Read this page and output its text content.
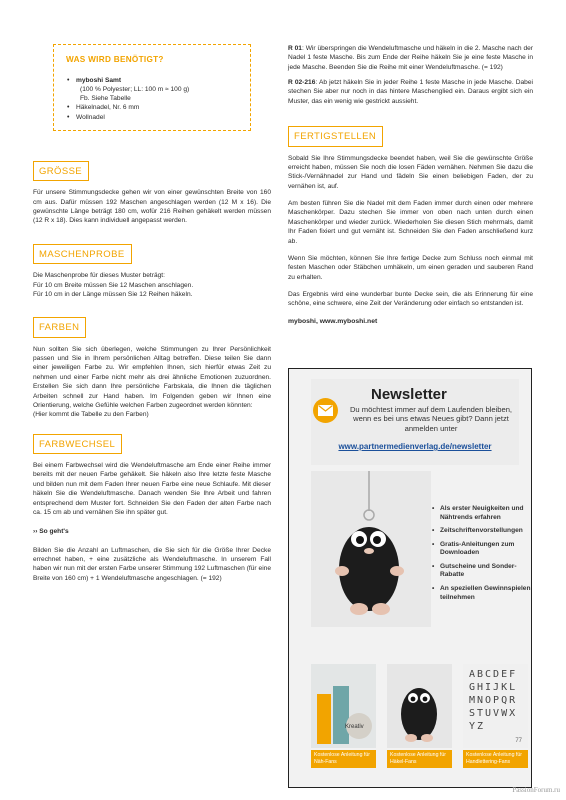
WAS WIRD BENÖTIGT?
• myboshi Samt
(100 % Polyester; LL: 100 m ≈ 100 g)
Fb. Siehe Tabelle
• Häkelnadel, Nr. 6 mm
• Wollnadel
GRÖSSE

Für unsere Stimmungsdecke gehen wir von einer gewünschten Breite von 160 cm aus. Dafür müssen 192 Maschen angeschlagen werden (12 M x 16). Die gewünschte Länge beträgt 180 cm, wofür 216 Reihen gehäkelt werden müssen (12 R x 18). Dies kann individuell angepasst werden.

MASCHENPROBE

Die Maschenprobe für dieses Muster beträgt:
Für 10 cm Breite müssen Sie 12 Maschen anschlagen.
Für 10 cm in der Länge müssen Sie 12 Reihen häkeln.

FARBEN

Nun sollten Sie sich überlegen, welche Stimmungen zu Ihrer Persönlichkeit passen und Sie in Ihrem persönlichen Alltag betreffen. Diese teilen Sie dann einer jeweiligen Farbe zu. Wir empfehlen Ihnen, sich hierfür etwas Zeit zu nehmen und einer Farbe nicht mehr als drei ähnliche Emotionen zuzuordnen. Erstellen Sie sich dann Ihre persönliche Farbskala, die Ihnen die täglichen Arbeiten schnell zur Hand haben. Im Folgenden geben wir Ihnen eine Orientierung, welche Gefühle welchen Farben zugeordnet werden könnten:
(Hier kommt die Tabelle zu den Farben)

FARBWECHSEL

Bei einem Farbwechsel wird die Wendeluftmasche am Ende einer Reihe immer bereits mit der neuen Farbe gehäkelt. Sie häkeln also Ihre letzte feste Masche und bilden nun mit dem Faden Ihrer neuen Farbe eine neue Schlaufe. Mit dieser häkeln Sie die Wendeluftmasche. Danach wenden Sie Ihre Arbeit und fahren entsprechend dem Muster fort. Schneiden Sie den Faden der alten Farbe nach ca. 15 cm ab und vernähen Sie ihn später gut.

›› So geht's

Bilden Sie die Anzahl an Luftmaschen, die Sie sich für die Größe Ihrer Decke errechnet haben, + eine zusätzliche als Wendeluftmasche. In unserem Fall haben wir nun mit der ersten Farbe unserer Stimmung 192 Luftmaschen (für eine Breite von 160 cm) + 1 Wendeluftmasche angeschlagen. (= 192)

R 01: Wir überspringen die Wendeluftmasche und häkeln in die 2. Masche nach der Nadel 1 feste Masche. Bis zum Ende der Reihe häkeln Sie je eine feste Masche in jede Masche. Beenden Sie die Reihe mit einer Wendeluftmasche. (= 192)

R 02-216: Ab jetzt häkeln Sie in jeder Reihe 1 feste Masche in jede Masche. Dabei stechen Sie aber nur noch in das hintere Maschenglied ein. Daraus ergibt sich ein Muster, das ein wenig wie gestrickt aussieht.

FERTIGSTELLEN

Sobald Sie Ihre Stimmungsdecke beendet haben, weil Sie die gewünschte Größe erreicht haben, müssen Sie noch die losen Fäden vernähen. Nehmen Sie dazu die Stick-/Vernähnadel zur Hand und fädeln Sie einen beliebigen Faden, der zu vernähen ist, auf.

Am besten führen Sie die Nadel mit dem Faden immer durch einen oder mehrere Maschenkörper. Dazu stechen Sie immer von oben nach unten durch einen Maschenkörper und wieder zurück. Wiederholen Sie diesen Stich mehrmals, damit Ihr Faden fixiert und gut vernäht ist. Schneiden Sie den Faden anschließend kurz ab.

Wenn Sie möchten, können Sie Ihre fertige Decke zum Schluss noch einmal mit festen Maschen oder Stäbchen umhäkeln, um einen geraden und sauberen Rand zu erhalten.

Das Ergebnis wird eine wunderbar bunte Decke sein, die als Erinnerung für eine schöne, eine schwere, eine Zeit der Veränderung oder einfach so entstanden ist.

myboshi, www.myboshi.net

Newsletter
Du möchtest immer auf dem Laufenden bleiben, wenn es bei uns etwas Neues gibt? Dann jetzt anmelden unter
www.partnermedienverlag.de/newsletter
• Als erster Neuigkeiten und Nähtrends erfahren
• Zeitschriftenvorstellungen
• Gratis-Anleitungen zum Downloaden
• Gutscheine und Sonder-Rabatte
• An speziellen Gewinnspielen teilnehmen
Kreativ
ABCDEFGHIJKLMNOPQRSTUVWXYZ
77
Kostenlose Anleitung für Näh-Fans
Kostenlose Anleitung für Häkel-Fans
Kostenlose Anleitung für Handlettering-Fans
PassionForum.ru
